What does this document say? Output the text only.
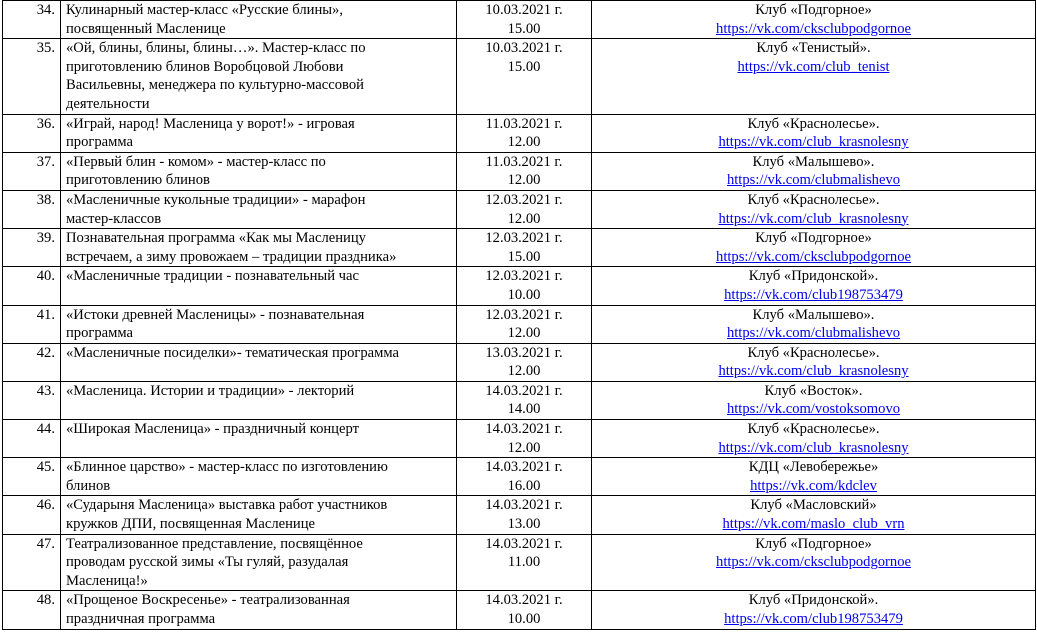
34.	Кулинарный мастер-класс «Русские блины»,
посвященный Масленице	10.03.2021 г.
15.00	Клуб «Подгорное»
https://vk.com/cksclubpodgornoe

35.	«Ой, блины, блины, блины…». Мастер-класс по
приготовлению блинов Воробцовой Любови
Васильевны, менеджера по культурно-массовой
деятельности	10.03.2021 г.
15.00	Клуб «Тенистый».
https://vk.com/club_tenist

36.	«Играй, народ! Масленица у ворот!» - игровая
программа	11.03.2021 г.
12.00	Клуб «Краснолесье».
https://vk.com/club_krasnolesny

37.	«Первый блин - комом» - мастер-класс по
приготовлению блинов	11.03.2021 г.
12.00	Клуб «Малышево».
https://vk.com/clubmalishevo

38.	«Масленичные кукольные традиции» - марафон
мастер-классов	12.03.2021 г.
12.00	Клуб «Краснолесье».
https://vk.com/club_krasnolesny

39.	Познавательная программа «Как мы Масленицу
встречаем, а зиму провожаем – традиции праздника»	12.03.2021 г.
15.00	Клуб «Подгорное»
https://vk.com/cksclubpodgornoe

40.	«Масленичные традиции - познавательный час	12.03.2021 г.
10.00	Клуб «Придонской».
https://vk.com/club198753479

41.	«Истоки древней Масленицы» - познавательная
программа	12.03.2021 г.
12.00	Клуб «Малышево».
https://vk.com/clubmalishevo

42.	«Масленичные посиделки»- тематическая программа	13.03.2021 г.
12.00	Клуб «Краснолесье».
https://vk.com/club_krasnolesny

43.	«Масленица. Истории и традиции» - лекторий	14.03.2021 г.
14.00	Клуб «Восток».
https://vk.com/vostoksomovo

44.	«Широкая Масленица» - праздничный концерт	14.03.2021 г.
12.00	Клуб «Краснолесье».
https://vk.com/club_krasnolesny

45.	«Блинное царство» - мастер-класс по изготовлению
блинов	14.03.2021 г.
16.00	КДЦ «Левобережье»
https://vk.com/kdclev

46.	«Сударыня Масленица» выставка работ участников
кружков ДПИ, посвященная Масленице	14.03.2021 г.
13.00	Клуб «Масловский»
https://vk.com/maslo_club_vrn

47.	Театрализованное представление, посвящённое
проводам русской зимы «Ты гуляй, разудалая
Масленица!»	14.03.2021 г.
11.00	Клуб «Подгорное»
https://vk.com/cksclubpodgornoe

48.	«Прощеное Воскресенье» - театрализованная
праздничная программа	14.03.2021 г.
10.00	Клуб «Придонской».
https://vk.com/club198753479
